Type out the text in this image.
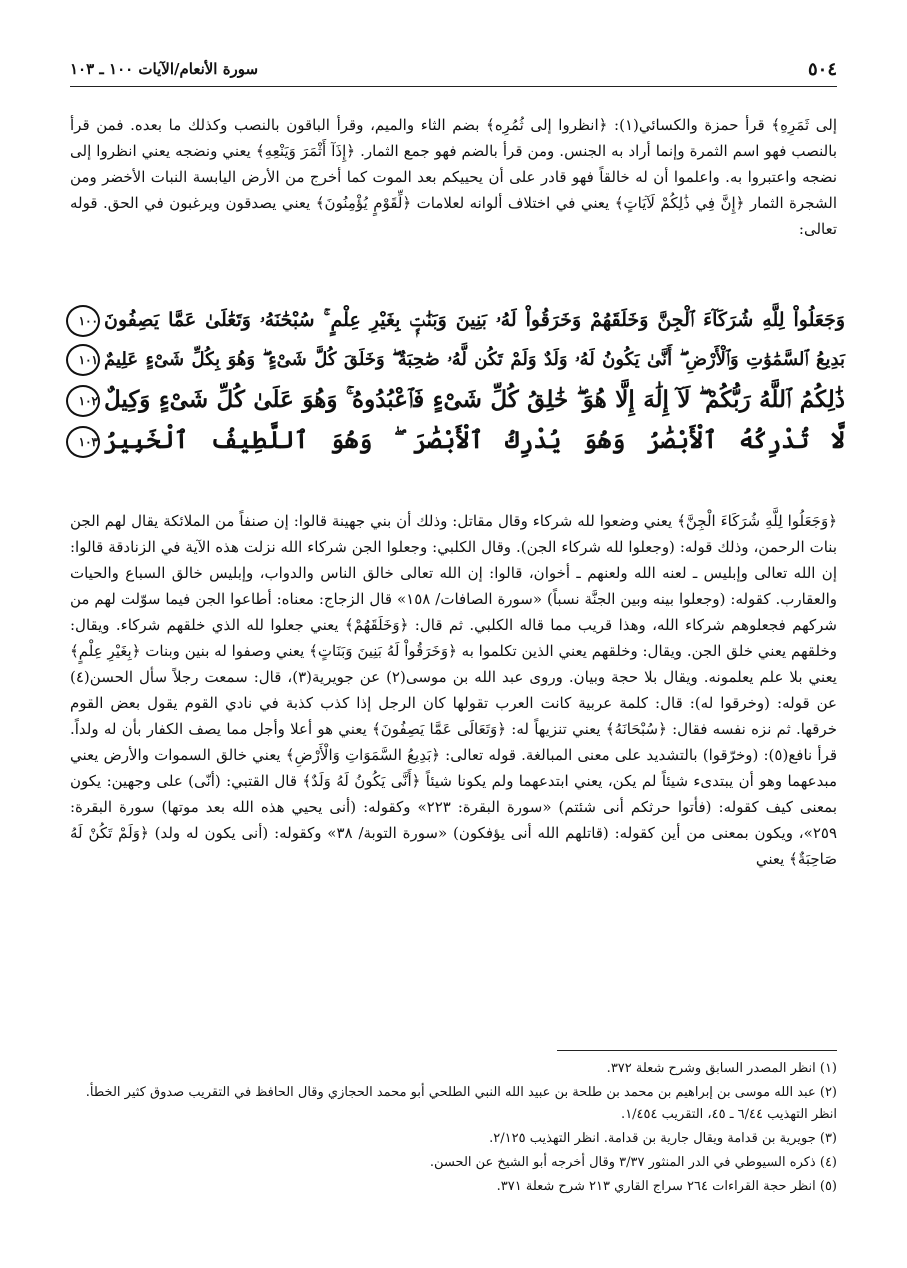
٥٠٤
سورة الأنعام/الآيات ١٠٠ ـ ١٠٣
إلى ثَمَرِهِ﴾ قرأ حمزة والكسائي(١): ﴿انظروا إلى ثُمُرِه﴾ بضم الثاء والميم، وقرأ الباقون بالنصب وكذلك ما بعده. فمن قرأ بالنصب فهو اسم الثمرة وإنما أراد به الجنس. ومن قرأ بالضم فهو جمع الثمار. ﴿إِذَآ أَثْمَرَ وَيَنْعِهِ﴾ يعني ونضجه يعني انظروا إلى نضجه واعتبروا به. واعلموا أن له خالقاً فهو قادر على أن يحييكم بعد الموت كما أخرج من الأرض اليابسة النبات الأخضر ومن الشجرة الثمار ﴿إِنَّ فِي ذَٰلِكُمْ لَآيَاتٍ﴾ يعني في اختلاف ألوانه لعلامات ﴿لِّقَوْمٍ يُؤْمِنُونَ﴾ يعني يصدقون ويرغبون في الحق. قوله تعالى:
وَجَعَلُواْ لِلَّهِ شُرَكَآءَ ٱلْجِنَّ وَخَلَقَهُمْ وَخَرَقُواْ لَهُۥ بَنِينَ وَبَنَٰتٍۭ بِغَيْرِ عِلْمٍ ۚ سُبْحَٰنَهُۥ وَتَعَٰلَىٰ عَمَّا يَصِفُونَ١٠٠
بَدِيعُ ٱلسَّمَٰوَٰتِ وَٱلْأَرْضِ ۖ أَنَّىٰ يَكُونُ لَهُۥ وَلَدٌ وَلَمْ تَكُن لَّهُۥ صَٰحِبَةٌ ۖ وَخَلَقَ كُلَّ شَىْءٍ ۖ وَهُوَ بِكُلِّ شَىْءٍ عَلِيمٌ١٠١
ذَٰلِكُمُ ٱللَّهُ رَبُّكُمْ ۖ لَآ إِلَٰهَ إِلَّا هُوَ ۖ خَٰلِقُ كُلِّ شَىْءٍ فَٱعْبُدُوهُ ۚ وَهُوَ عَلَىٰ كُلِّ شَىْءٍ وَكِيلٌ١٠٢
لَّا تُدْرِكُهُ ٱلْأَبْصَٰرُ وَهُوَ يُدْرِكُ ٱلْأَبْصَٰرَ ۖ وَهُوَ ٱللَّطِيفُ ٱلْخَبِيرُ١٠٣
﴿وَجَعَلُوا لِلَّهِ شُرَكَاءَ الْجِنَّ﴾ يعني وضعوا لله شركاء وقال مقاتل: وذلك أن بني جهينة قالوا: إن صنفاً من الملائكة يقال لهم الجن بنات الرحمن، وذلك قوله: (وجعلوا لله شركاء الجن). وقال الكلبي: وجعلوا الجن شركاء الله نزلت هذه الآية في الزنادقة قالوا: إن الله تعالى وإبليس ـ لعنه الله ولعنهم ـ أخوان، قالوا: إن الله تعالى خالق الناس والدواب، وإبليس خالق السباع والحيات والعقارب. كقوله: (وجعلوا بينه وبين الجنَّة نسباً) «سورة الصافات/ ١٥٨» قال الزجاج: معناه: أطاعوا الجن فيما سوّلت لهم من شركهم فجعلوهم شركاء الله، وهذا قريب مما قاله الكلبي. ثم قال: ﴿وَخَلَقَهُمْ﴾ يعني جعلوا لله الذي خلقهم شركاء. ويقال: وخلقهم يعني خلق الجن. ويقال: وخلقهم يعني الذين تكلموا به ﴿وَخَرَقُواْ لَهُ بَنِينَ وَبَنَاتٍ﴾ يعني وصفوا له بنين وبنات ﴿بِغَيْرِ عِلْمٍ﴾ يعني بلا علم يعلمونه. ويقال بلا حجة وبيان. وروى عبد الله بن موسى(٢) عن جويرية(٣)، قال: سمعت رجلاً سأل الحسن(٤) عن قوله: (وخرقوا له): قال: كلمة عربية كانت العرب تقولها كان الرجل إذا كذب كذبة في نادي القوم يقول بعض القوم خرقها. ثم نزه نفسه فقال: ﴿سُبْحَانَهُ﴾ يعني تنزيهاً له: ﴿وَتَعَالَى عَمَّا يَصِفُونَ﴾ يعني هو أعلا وأجل مما يصف الكفار بأن له ولداً. قرأ نافع(٥): (وخرّقوا) بالتشديد على معنى المبالغة. قوله تعالى: ﴿بَدِيعُ السَّمَوَاتِ وَالْأَرْضِ﴾ يعني خالق السموات والأرض يعني مبدعهما وهو أن يبتدىء شيئاً لم يكن، يعني ابتدعهما ولم يكونا شيئاً ﴿أَنَّى يَكُونُ لَهُ وَلَدٌ﴾ قال القتبي: (أنّى) على وجهين: يكون بمعنى كيف كقوله: (فأتوا حرثكم أنى شئتم) «سورة البقرة: ٢٢٣» وكقوله: (أنى يحيي هذه الله بعد موتها) سورة البقرة: ٢٥٩»، ويكون بمعنى من أين كقوله: (قاتلهم الله أنى يؤفكون) «سورة التوبة/ ٣٨» وكقوله: (أنى يكون له ولد) ﴿وَلَمْ تَكُنْ لَهُ صَاحِبَةٌ﴾ يعني

(١) انظر المصدر السابق وشرح شعلة ٣٧٢.

(٢) عبد الله موسى بن إبراهيم بن محمد بن طلحة بن عبيد الله النبي الطلحي أبو محمد الحجازي وقال الحافظ في التقريب صدوق كثير الخطأ. انظر التهذيب ٦/٤٤ ـ ٤٥، التقريب ١/٤٥٤.

(٣) جويرية بن قدامة ويقال جارية بن قدامة. انظر التهذيب ٢/١٢٥.

(٤) ذكره السيوطي في الدر المنثور ٣/٣٧ وقال أخرجه أبو الشيخ عن الحسن.

(٥) انظر حجة القراءات ٢٦٤ سراج القاري ٢١٣ شرح شعلة ٣٧١.
